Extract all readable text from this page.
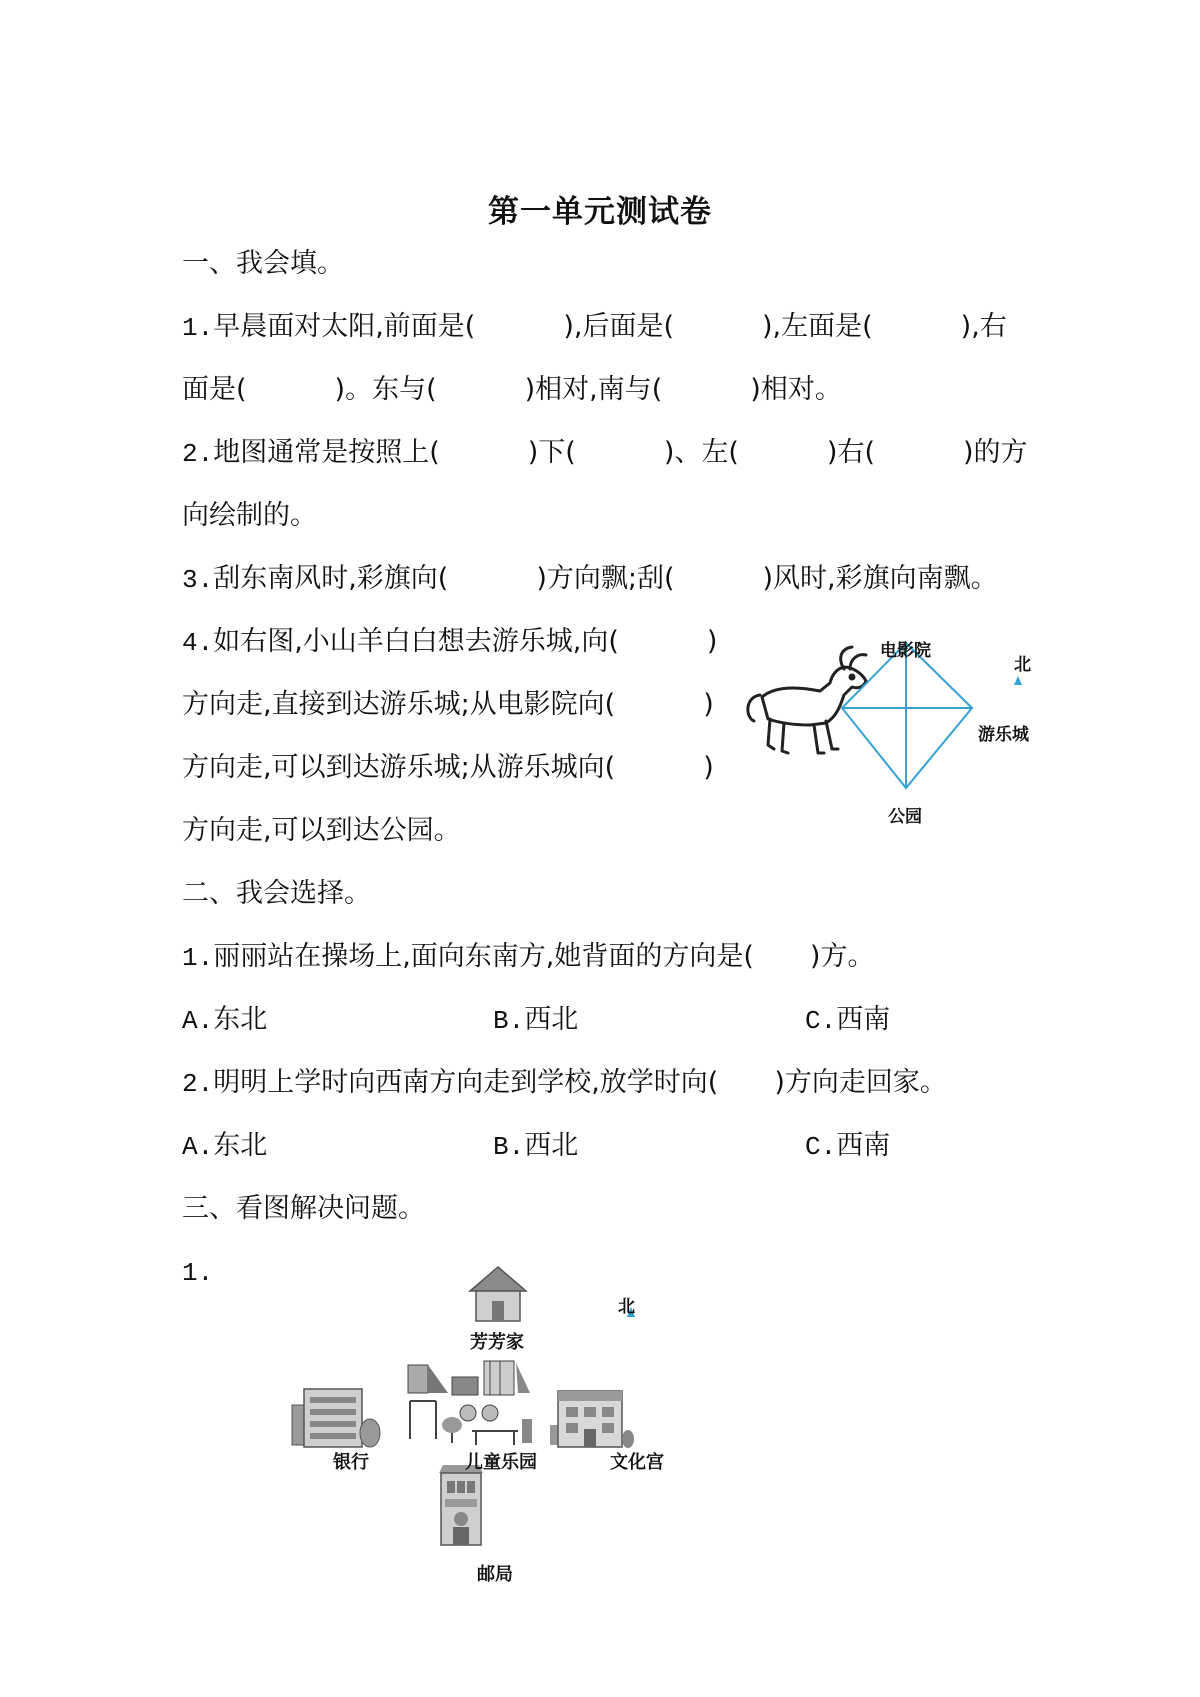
第一单元测试卷
一、我会填。
1.早晨面对太阳,前面是(	),后面是(	),左面是(	),右
面是(	)。东与(	)相对,南与(	)相对。
2.地图通常是按照上(	)下(	)、左(	)右(	)的方
向绘制的。
3.刮东南风时,彩旗向(	)方向飘;刮(	)风时,彩旗向南飘。
4.如右图,小山羊白白想去游乐城,向(	)
方向走,直接到达游乐城;从电影院向(	)
方向走,可以到达游乐城;从游乐城向(	)
方向走,可以到达公园。
电影院
游乐城
公园
北
二、我会选择。
1.丽丽站在操场上,面向东南方,她背面的方向是( )方。
A.东北	B.西北	C.西南
2.明明上学时向西南方向走到学校,放学时向( )方向走回家。
A.东北	B.西北	C.西南
三、看图解决问题。
1.
北
芳芳家
银行	儿童乐园	文化宫
邮局
